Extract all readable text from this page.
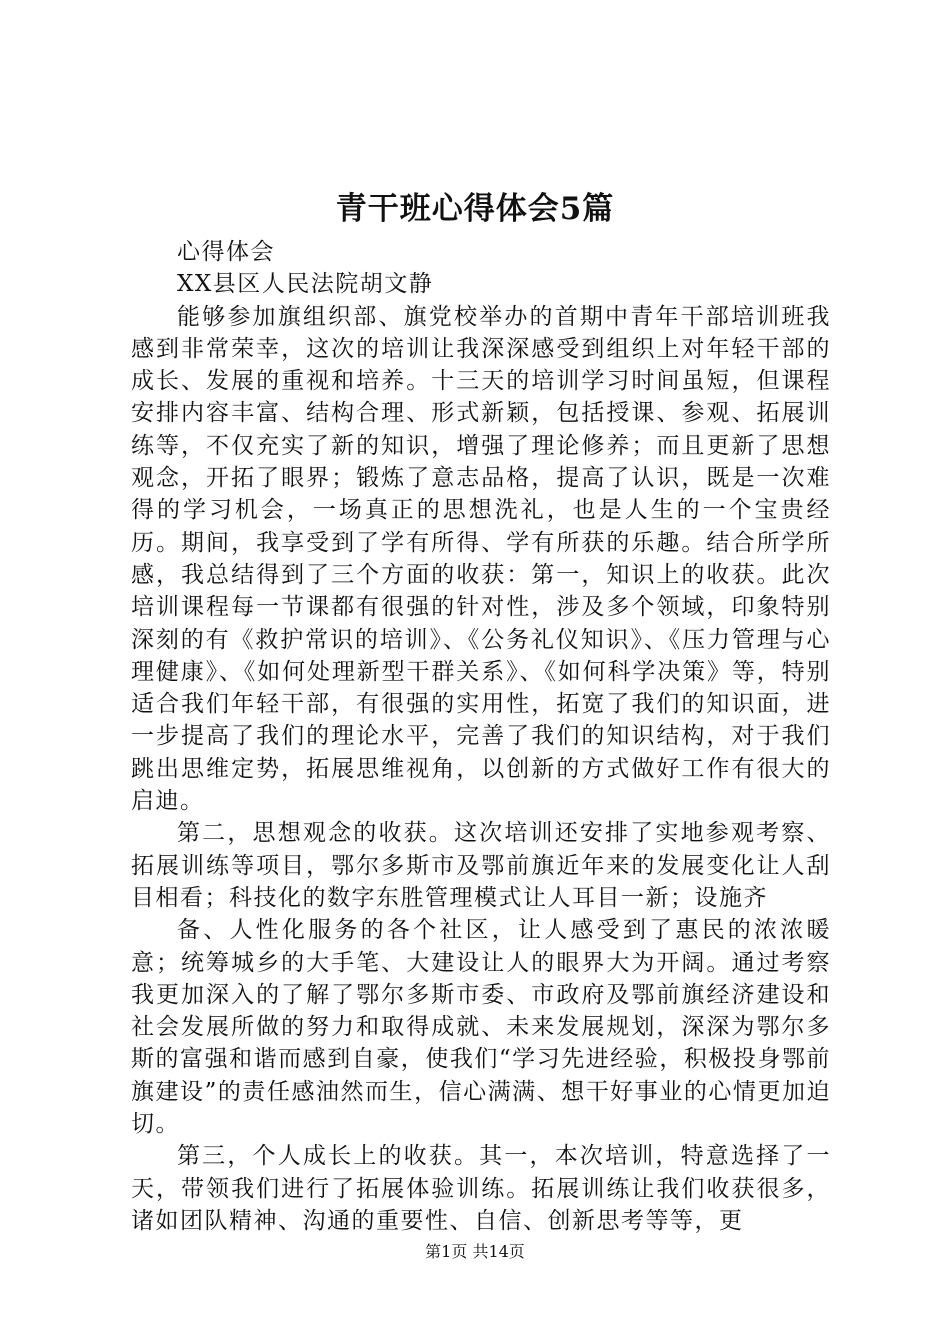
青干班心得体会5篇

心得体会

XX县区人民法院胡文静

能够参加旗组织部、旗党校举办的首期中青年干部培训班我感到非常荣幸，这次的培训让我深深感受到组织上对年轻干部的成长、发展的重视和培养。十三天的培训学习时间虽短，但课程安排内容丰富、结构合理、形式新颖，包括授课、参观、拓展训练等，不仅充实了新的知识，增强了理论修养；而且更新了思想观念，开拓了眼界；锻炼了意志品格，提高了认识，既是一次难得的学习机会，一场真正的思想洗礼，也是人生的一个宝贵经历。期间，我享受到了学有所得、学有所获的乐趣。结合所学所感，我总结得到了三个方面的收获：第一，知识上的收获。此次培训课程每一节课都有很强的针对性，涉及多个领域，印象特别深刻的有《救护常识的培训》、《公务礼仪知识》、《压力管理与心理健康》、《如何处理新型干群关系》、《如何科学决策》等，特别适合我们年轻干部，有很强的实用性，拓宽了我们的知识面，进一步提高了我们的理论水平，完善了我们的知识结构，对于我们跳出思维定势，拓展思维视角，以创新的方式做好工作有很大的启迪。

第二，思想观念的收获。这次培训还安排了实地参观考察、拓展训练等项目，鄂尔多斯市及鄂前旗近年来的发展变化让人刮目相看；科技化的数字东胜管理模式让人耳目一新；设施齐

备、人性化服务的各个社区，让人感受到了惠民的浓浓暖意；统筹城乡的大手笔、大建设让人的眼界大为开阔。通过考察我更加深入的了解了鄂尔多斯市委、市政府及鄂前旗经济建设和社会发展所做的努力和取得成就、未来发展规划，深深为鄂尔多斯的富强和谐而感到自豪，使我们“学习先进经验，积极投身鄂前旗建设”的责任感油然而生，信心满满、想干好事业的心情更加迫切。

第三，个人成长上的收获。其一，本次培训，特意选择了一天，带领我们进行了拓展体验训练。拓展训练让我们收获很多，诸如团队精神、沟通的重要性、自信、创新思考等等，更

第1页 共14页
